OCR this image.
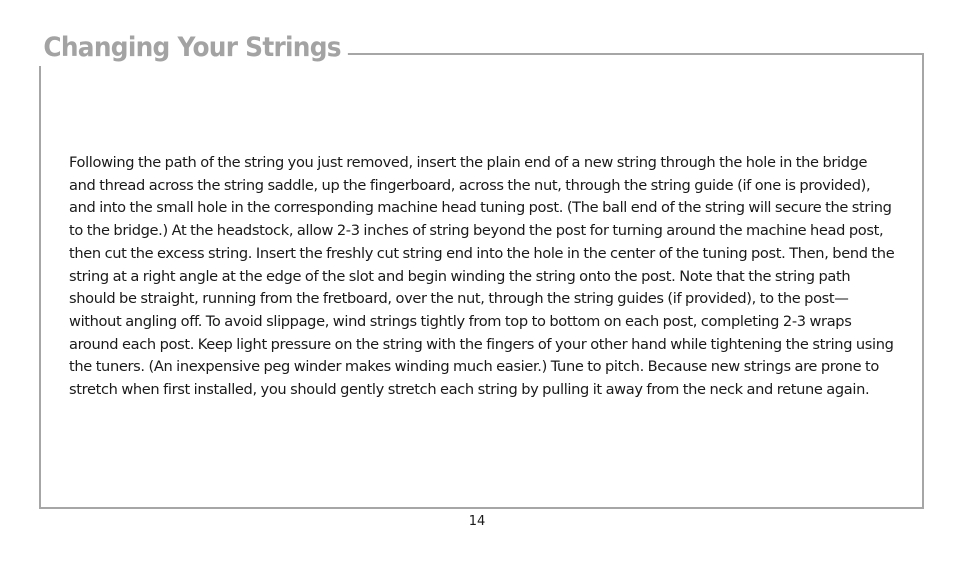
Changing Your Strings

Following the path of the string you just removed, insert the plain end of a new string through the hole in the bridge and thread across the string saddle, up the fingerboard, across the nut, through the string guide (if one is provided), and into the small hole in the corresponding machine head tuning post. (The ball end of the string will secure the string to the bridge.) At the headstock, allow 2-3 inches of string beyond the post for turning around the machine head post, then cut the excess string. Insert the freshly cut string end into the hole in the center of the tuning post. Then, bend the string at a right angle at the edge of the slot and begin winding the string onto the post. Note that the string path should be straight, running from the fretboard, over the nut, through the string guides (if provided), to the post—without angling off. To avoid slippage, wind strings tightly from top to bottom on each post, completing 2-3 wraps around each post. Keep light pressure on the string with the fingers of your other hand while tightening the string using the tuners. (An inexpensive peg winder makes winding much easier.) Tune to pitch. Because new strings are prone to stretch when first installed, you should gently stretch each string by pulling it away from the neck and retune again.

14
